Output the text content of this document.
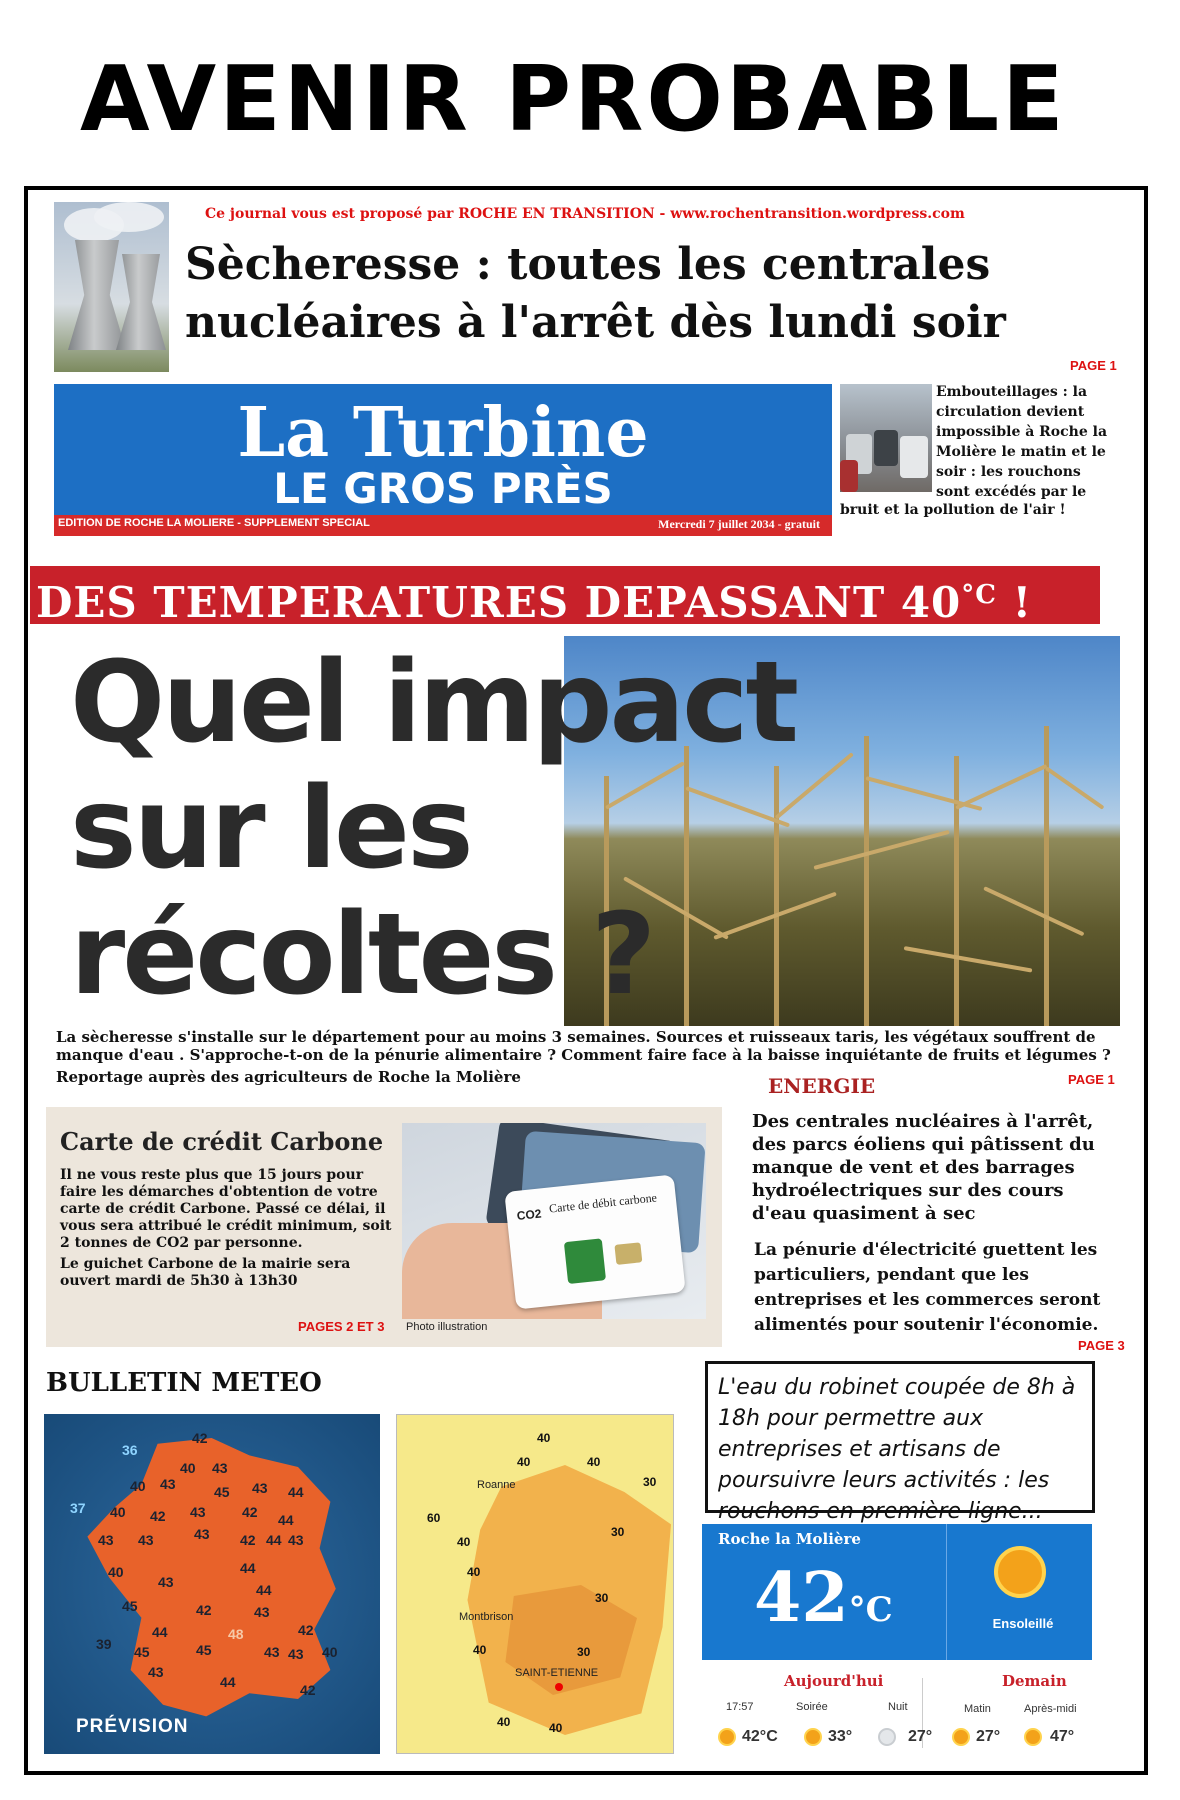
AVENIR PROBABLE
Ce journal vous est proposé par ROCHE EN TRANSITION - www.rochentransition.wordpress.com
Sècheresse : toutes les centrales
nucléaires à l'arrêt dès lundi soir
PAGE 1
La Turbine
LE GROS PRÈS
EDITION DE ROCHE LA MOLIERE - SUPPLEMENT SPECIAL	Mercredi 7 juillet 2034 - gratuit
Embouteillages : la circulation devient impossible à Roche la Molière le matin et le soir : les rouchons sont excédés par le
bruit et la pollution de l'air !
DES TEMPERATURES DEPASSANT $40^{^\circ C}$ !
Quel impact
sur les
récoltes ?
La sècheresse s'installe sur le département pour au moins 3 semaines. Sources et ruisseaux taris, les végétaux souffrent de manque d'eau . S'approche-t-on de la pénurie alimentaire ? Comment faire face à la baisse inquiétante de fruits et légumes ?
Reportage auprès des agriculteurs de Roche la Molière	PAGE 1
ENERGIE
Des centrales nucléaires à l'arrêt, des parcs éoliens qui pâtissent du manque de vent et des barrages hydroélectriques sur des cours d'eau quasiment à sec
La pénurie d'électricité guettent les particuliers, pendant que les entreprises et les commerces seront alimentés pour soutenir l'économie.
PAGE 3
Carte de crédit Carbone

Il ne vous reste plus que 15 jours pour faire les démarches d'obtention de votre carte de crédit Carbone. Passé ce délai, il vous sera attribué le crédit minimum, soit 2 tonnes de CO2 par personne.

Le guichet Carbone de la mairie sera ouvert mardi de 5h30 à 13h30

PAGES 2 ET 3
CO2 Carte de débit carbone
Photo illustration
BULLETIN METEO
36
42
40 43
40 43	45 43 44
37 40 42 43	42 44
43
43 43	42 44 43
44
40
44
43
45	42	43
44	48	42
45	43
39 45
43
40
43
44	42
PRÉVISION
Roanne
Montbrison
SAINT-ETIENNE
40
30
40
60
40
40
40
30
30
40
40
30
40
L'eau du robinet coupée de 8h à 18h pour permettre aux entreprises et artisans de poursuivre leurs activités : les rouchons en première ligne...
Roche la Molière
42°C	Ensoleillé
Aujourd'hui	Demain
17:57	Soirée	Nuit	Matin	Après-midi
42°C	33°	27°	27°	47°
